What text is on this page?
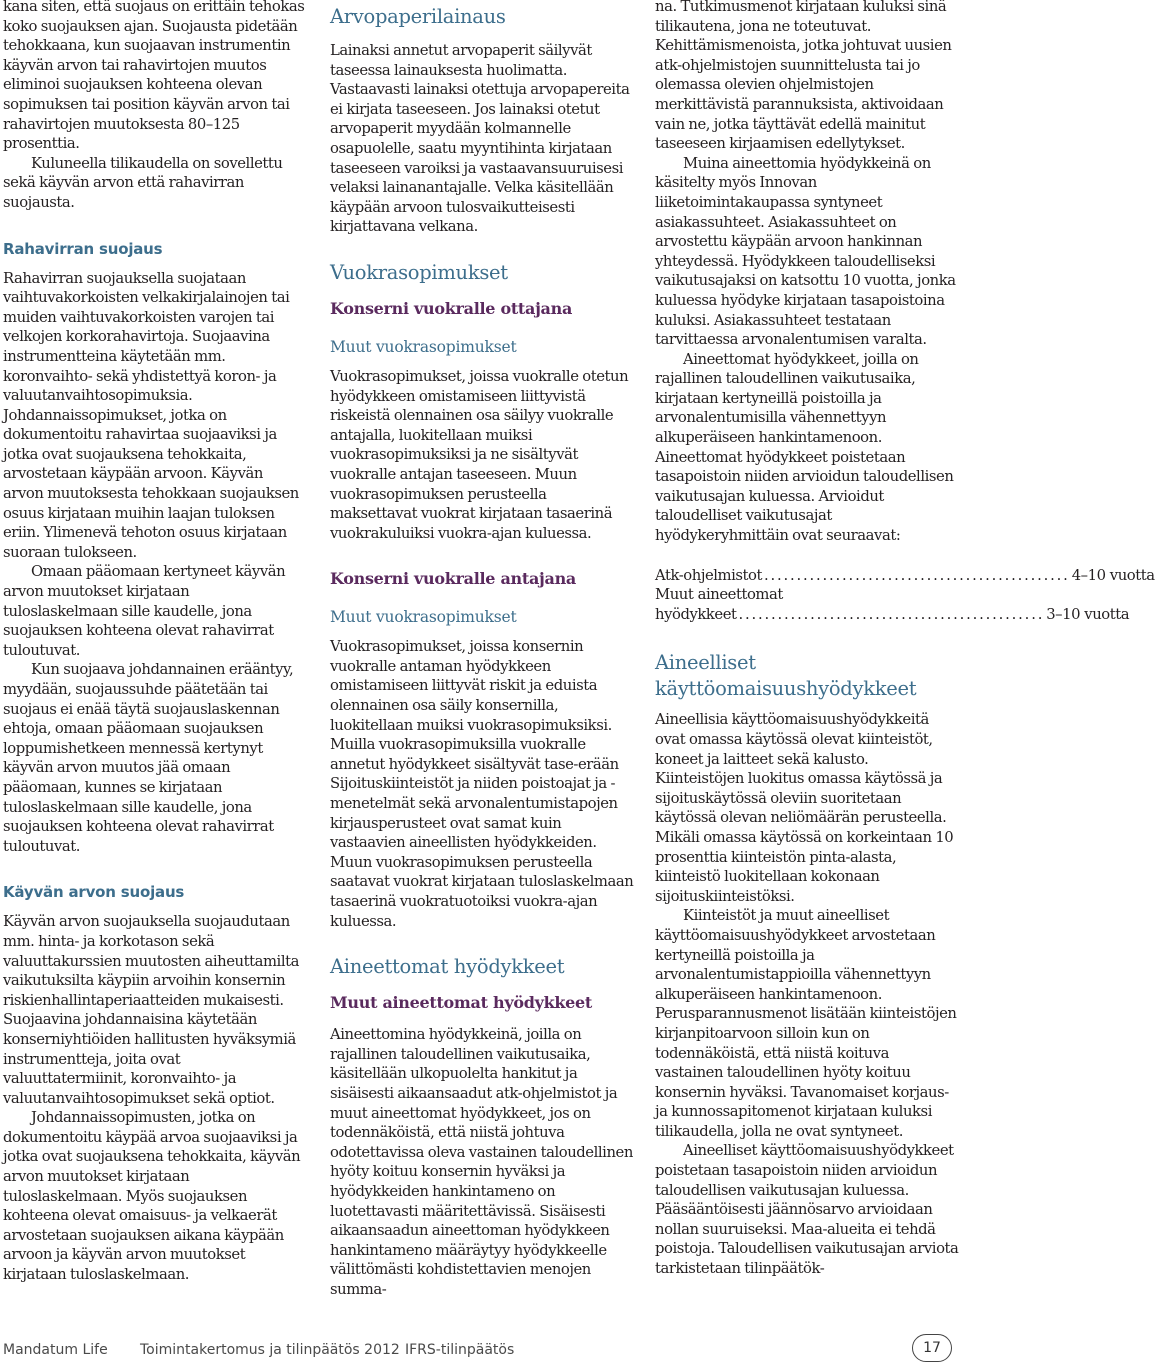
kana siten, että suojaus on erittäin tehokas koko suojauksen ajan. Suojausta pidetään tehokkaana, kun suojaavan instrumentin käyvän arvon tai rahavirtojen muutos eliminoi suojauksen kohteena olevan sopimuksen tai position käyvän arvon tai rahavirtojen muutoksesta 80–125 prosenttia.

Kuluneella tilikaudella on sovellettu sekä käyvän arvon että rahavirran suojausta.

Rahavirran suojaus

Rahavirran suojauksella suojataan vaihtuvakorkoisten velkakirjalainojen tai muiden vaihtuvakorkoisten varojen tai velkojen korkorahavirtoja. Suojaavina instrumentteina käytetään mm. koronvaihto- sekä yhdistettyä koron- ja valuutanvaihtosopimuksia. Johdannaissopimukset, jotka on dokumentoitu rahavirtaa suojaaviksi ja jotka ovat suojauksena tehokkaita, arvostetaan käypään arvoon. Käyvän arvon muutoksesta tehokkaan suojauksen osuus kirjataan muihin laajan tuloksen eriin. Ylimenevä tehoton osuus kirjataan suoraan tulokseen.

Omaan pääomaan kertyneet käyvän arvon muutokset kirjataan tuloslaskelmaan sille kaudelle, jona suojauksen kohteena olevat rahavirrat tuloutuvat.

Kun suojaava johdannainen erääntyy, myydään, suojaussuhde päätetään tai suojaus ei enää täytä suojauslaskennan ehtoja, omaan pääomaan suojauksen loppumishetkeen mennessä kertynyt käyvän arvon muutos jää omaan pääomaan, kunnes se kirjataan tuloslaskelmaan sille kaudelle, jona suojauksen kohteena olevat rahavirrat tuloutuvat.

Käyvän arvon suojaus

Käyvän arvon suojauksella suojaudutaan mm. hinta- ja korkotason sekä valuuttakurssien muutosten aiheuttamilta vaikutuksilta käypiin arvoihin konsernin riskienhallintaperiaatteiden mukaisesti. Suojaavina johdannaisina käytetään konserniyhtiöiden hallitusten hyväksymiä instrumentteja, joita ovat valuuttatermiinit, koronvaihto- ja valuutanvaihtosopimukset sekä optiot.

Johdannaissopimusten, jotka on dokumentoitu käypää arvoa suojaaviksi ja jotka ovat suojauksena tehokkaita, käyvän arvon muutokset kirjataan tuloslaskelmaan. Myös suojauksen kohteena olevat omaisuus- ja velkaerät arvostetaan suojauksen aikana käypään arvoon ja käyvän arvon muutokset kirjataan tuloslaskelmaan.

Arvopaperilainaus

Lainaksi annetut arvopaperit säilyvät taseessa lainauksesta huolimatta. Vastaavasti lainaksi otettuja arvopapereita ei kirjata taseeseen. Jos lainaksi otetut arvopaperit myydään kolmannelle osapuolelle, saatu myyntihinta kirjataan taseeseen varoiksi ja vastaavansuuruisesi velaksi lainanantajalle. Velka käsitellään käypään arvoon tulosvaikutteisesti kirjattavana velkana.

Vuokrasopimukset
Konserni vuokralle ottajana
Muut vuokrasopimukset

Vuokrasopimukset, joissa vuokralle otetun hyödykkeen omistamiseen liittyvistä riskeistä olennainen osa säilyy vuokralle antajalla, luokitellaan muiksi vuokrasopimuksiksi ja ne sisältyvät vuokralle antajan taseeseen. Muun vuokrasopimuksen perusteella maksettavat vuokrat kirjataan tasaerinä vuokrakuluiksi vuokra-ajan kuluessa.

Konserni vuokralle antajana
Muut vuokrasopimukset

Vuokrasopimukset, joissa konsernin vuokralle antaman hyödykkeen omistamiseen liittyvät riskit ja eduista olennainen osa säily konsernilla, luokitellaan muiksi vuokrasopimuksiksi. Muilla vuokrasopimuksilla vuokralle annetut hyödykkeet sisältyvät tase-erään Sijoituskiinteistöt ja niiden poistoajat ja -menetelmät sekä arvonalentumistapojen kirjausperusteet ovat samat kuin vastaavien aineellisten hyödykkeiden. Muun vuokrasopimuksen perusteella saatavat vuokrat kirjataan tuloslaskelmaan tasaerinä vuokratuotoiksi vuokra-ajan kuluessa.

Aineettomat hyödykkeet
Muut aineettomat hyödykkeet

Aineettomina hyödykkeinä, joilla on rajallinen taloudellinen vaikutusaika, käsitellään ulkopuolelta hankitut ja sisäisesti aikaansaadut atk-ohjelmistot ja muut aineettomat hyödykkeet, jos on todennäköistä, että niistä johtuva odotettavissa oleva vastainen taloudellinen hyöty koituu konsernin hyväksi ja hyödykkeiden hankintameno on luotettavasti määritettävissä. Sisäisesti aikaansaadun aineettoman hyödykkeen hankintameno määräytyy hyödykkeelle välittömästi kohdistettavien menojen summa-

na. Tutkimusmenot kirjataan kuluksi sinä tilikautena, jona ne toteutuvat. Kehittämismenoista, jotka johtuvat uusien atk-ohjelmistojen suunnittelusta tai jo olemassa olevien ohjelmistojen merkittävistä parannuksista, aktivoidaan vain ne, jotka täyttävät edellä mainitut taseeseen kirjaamisen edellytykset.

Muina aineettomia hyödykkeinä on käsitelty myös Innovan liiketoimintakaupassa syntyneet asiakassuhteet. Asiakassuhteet on arvostettu käypään arvoon hankinnan yhteydessä. Hyödykkeen taloudelliseksi vaikutusajaksi on katsottu 10 vuotta, jonka kuluessa hyödyke kirjataan tasapoistoina kuluksi. Asiakassuhteet testataan tarvittaessa arvonalentumisen varalta.

Aineettomat hyödykkeet, joilla on rajallinen taloudellinen vaikutusaika, kirjataan kertyneillä poistoilla ja arvonalentumisilla vähennettyyn alkuperäiseen hankintamenoon. Aineettomat hyödykkeet poistetaan tasapoistoin niiden arvioidun taloudellisen vaikutusajan kuluessa. Arvioidut taloudelliset vaikutusajat hyödykeryhmittäin ovat seuraavat:

Atk-ohjelmistot ............................................... 4–10 vuotta
Muut aineettomat
hyödykkeet ............................................... 3–10 vuotta
Aineelliset
käyttöomaisuushyödykkeet

Aineellisia käyttöomaisuushyödykkeitä ovat omassa käytössä olevat kiinteistöt, koneet ja laitteet sekä kalusto. Kiinteistöjen luokitus omassa käytössä ja sijoituskäytössä oleviin suoritetaan käytössä olevan neliömäärän perusteella. Mikäli omassa käytössä on korkeintaan 10 prosenttia kiinteistön pinta-alasta, kiinteistö luokitellaan kokonaan sijoituskiinteistöksi.

Kiinteistöt ja muut aineelliset käyttöomaisuushyödykkeet arvostetaan kertyneillä poistoilla ja arvonalentumistappioilla vähennettyyn alkuperäiseen hankintamenoon. Perusparannusmenot lisätään kiinteistöjen kirjanpitoarvoon silloin kun on todennäköistä, että niistä koituva vastainen taloudellinen hyöty koituu konsernin hyväksi. Tavanomaiset korjaus- ja kunnossapitomenot kirjataan kuluksi tilikaudella, jolla ne ovat syntyneet.

Aineelliset käyttöomaisuushyödykkeet poistetaan tasapoistoin niiden arvioidun taloudellisen vaikutusajan kuluessa. Pääsääntöisesti jäännösarvo arvioidaan nollan suuruiseksi. Maa-alueita ei tehdä poistoja. Taloudellisen vaikutusajan arviota tarkistetaan tilinpäätök-

Mandatum Life Toimintakertomus ja tilinpäätös 2012 IFRS-tilinpäätös	17
